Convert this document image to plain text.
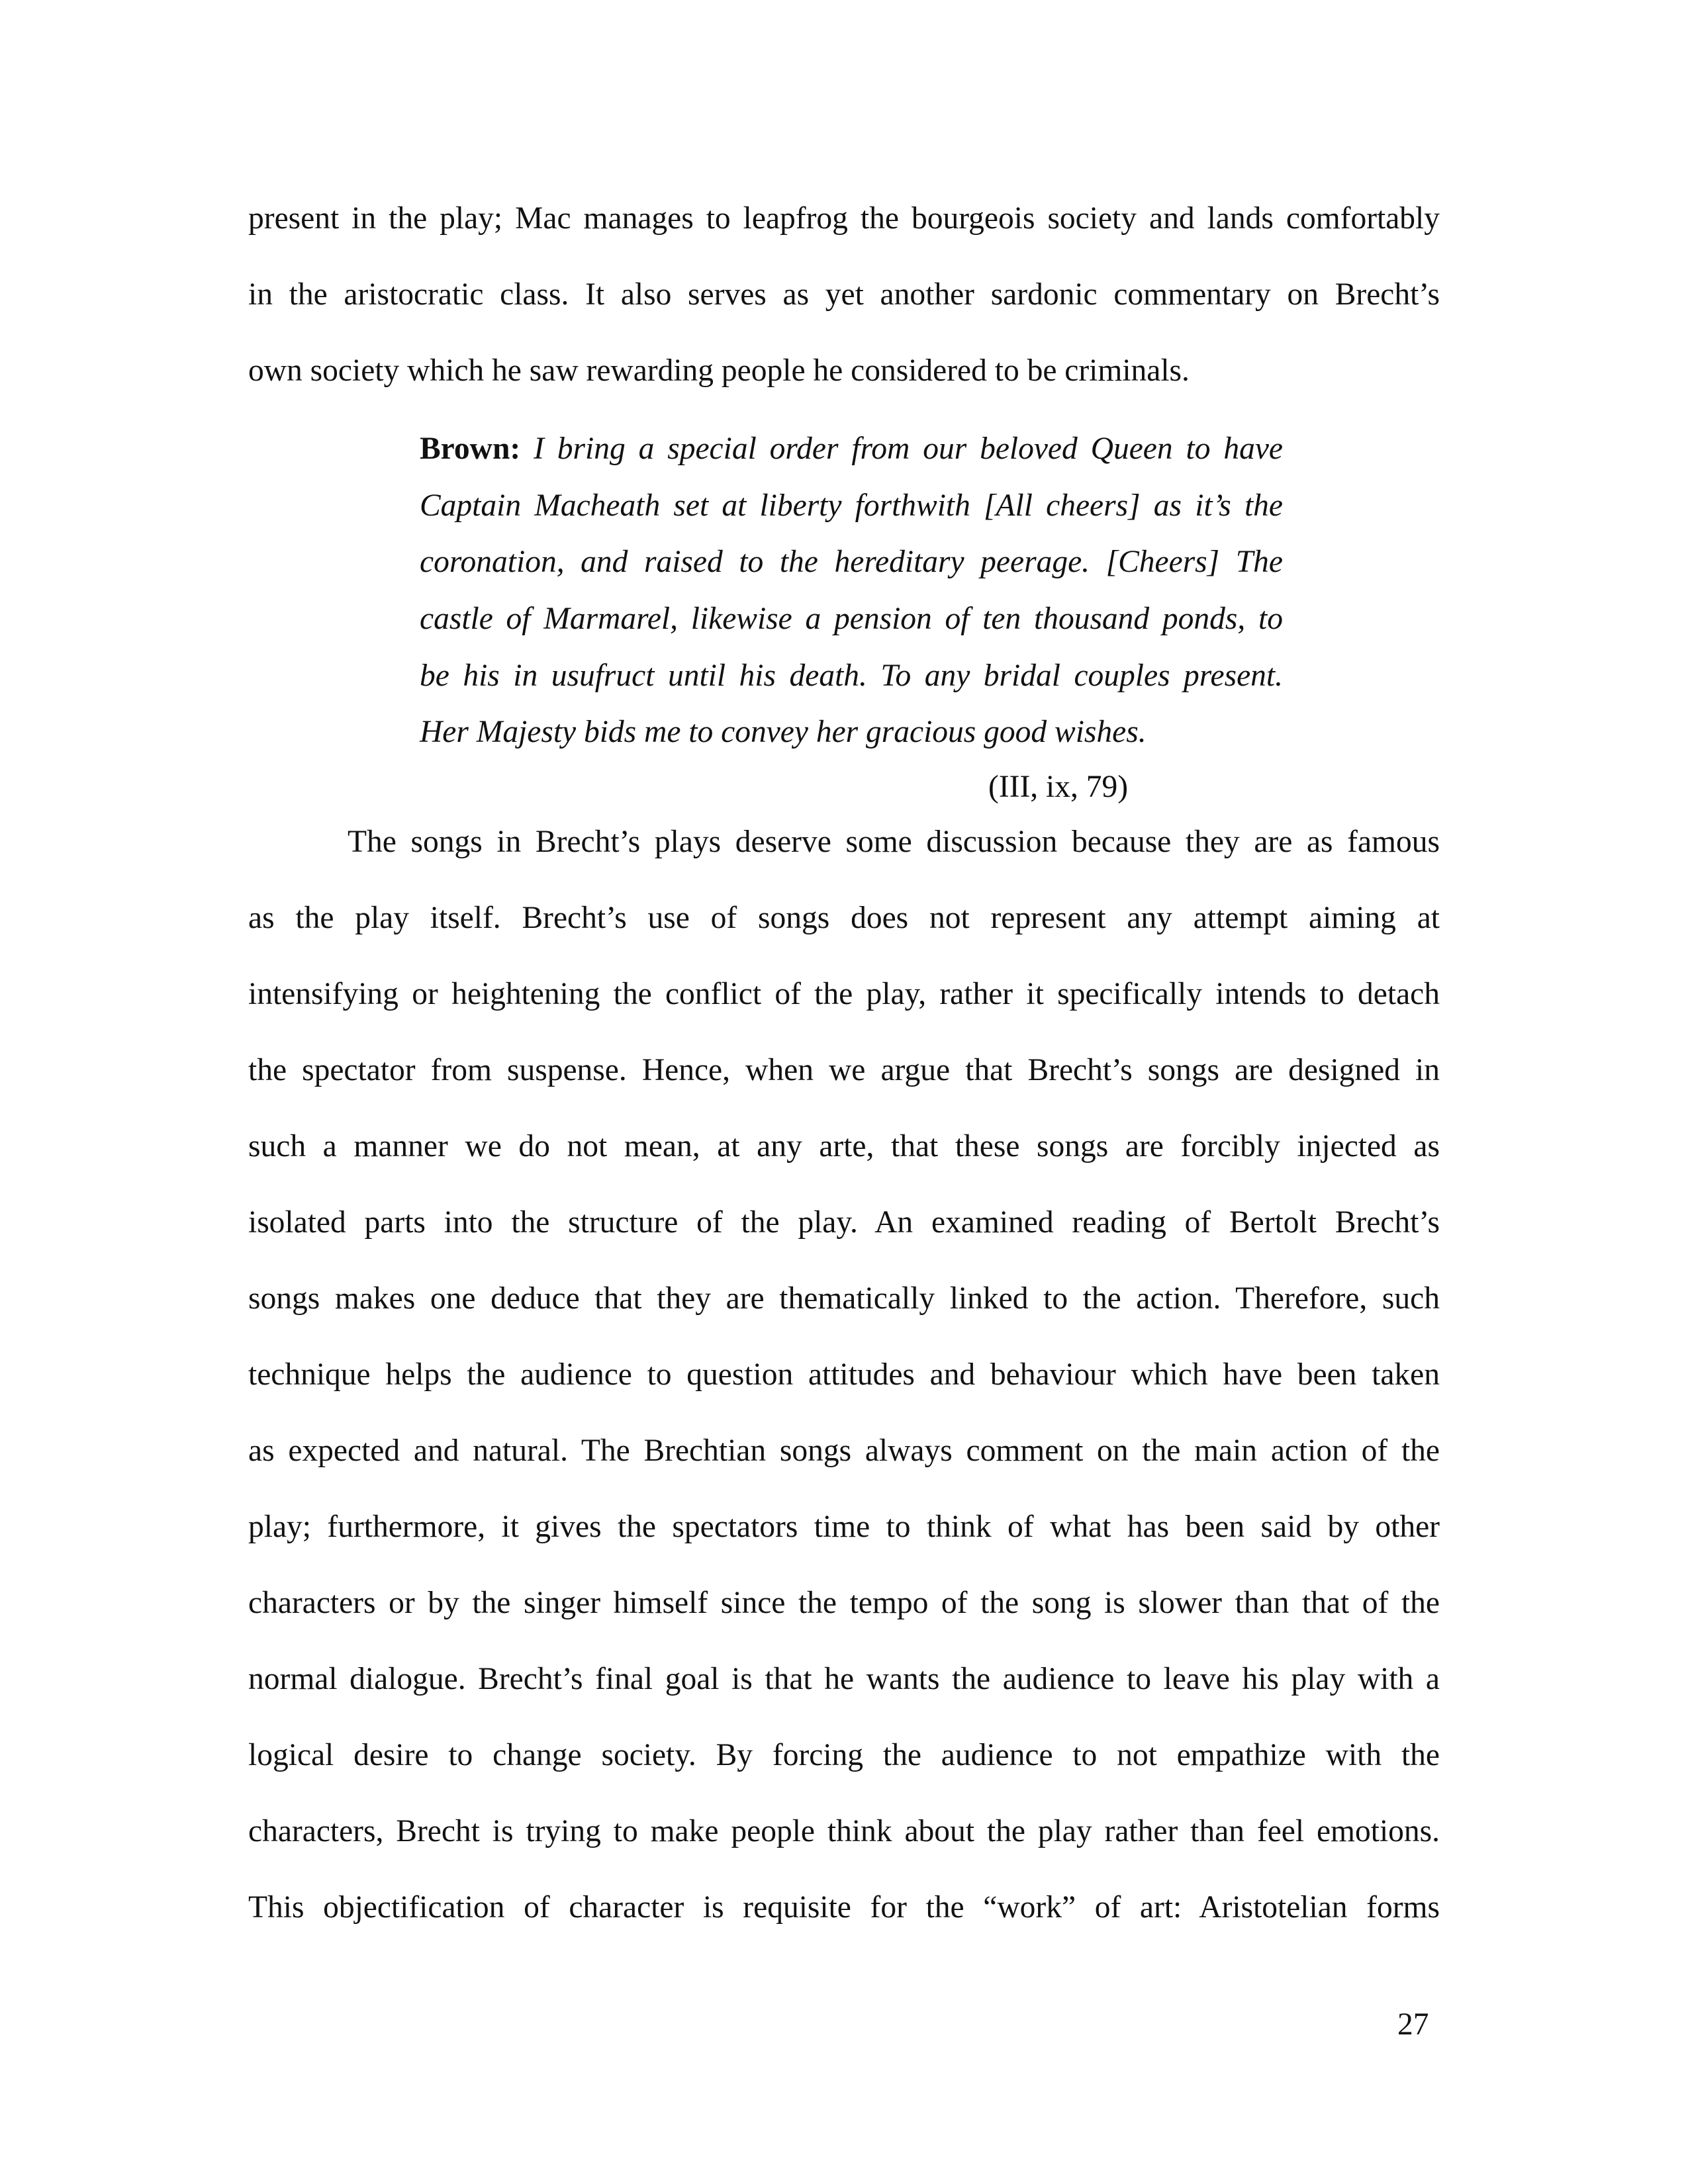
present in the play; Mac manages to leapfrog the bourgeois society and lands comfortably
in the aristocratic class. It also serves as yet another sardonic commentary on Brecht’s
own society which he saw rewarding people he considered to be criminals.
Brown: I bring a special order from our beloved Queen to have
Captain Macheath set at liberty forthwith [All cheers] as it’s the
coronation, and raised to the hereditary peerage. [Cheers] The
castle of Marmarel, likewise a pension of ten thousand ponds, to
be his in usufruct until his death. To any bridal couples present.
Her Majesty bids me to convey her gracious good wishes.
(III, ix, 79)
The songs in Brecht’s plays deserve some discussion because they are as famous
as the play itself. Brecht’s use of songs does not represent any attempt aiming at
intensifying or heightening the conflict of the play, rather it specifically intends to detach
the spectator from suspense. Hence, when we argue that Brecht’s songs are designed in
such a manner we do not mean, at any arte, that these songs are forcibly injected as
isolated parts into the structure of the play. An examined reading of Bertolt Brecht’s
songs makes one deduce that they are thematically linked to the action. Therefore, such
technique helps the audience to question attitudes and behaviour which have been taken
as expected and natural. The Brechtian songs always comment on the main action of the
play; furthermore, it gives the spectators time to think of what has been said by other
characters or by the singer himself since the tempo of the song is slower than that of the
normal dialogue. Brecht’s final goal is that he wants the audience to leave his play with a
logical desire to change society. By forcing the audience to not empathize with the
characters, Brecht is trying to make people think about the play rather than feel emotions.
This objectification of character is requisite for the “work” of art: Aristotelian forms
27
